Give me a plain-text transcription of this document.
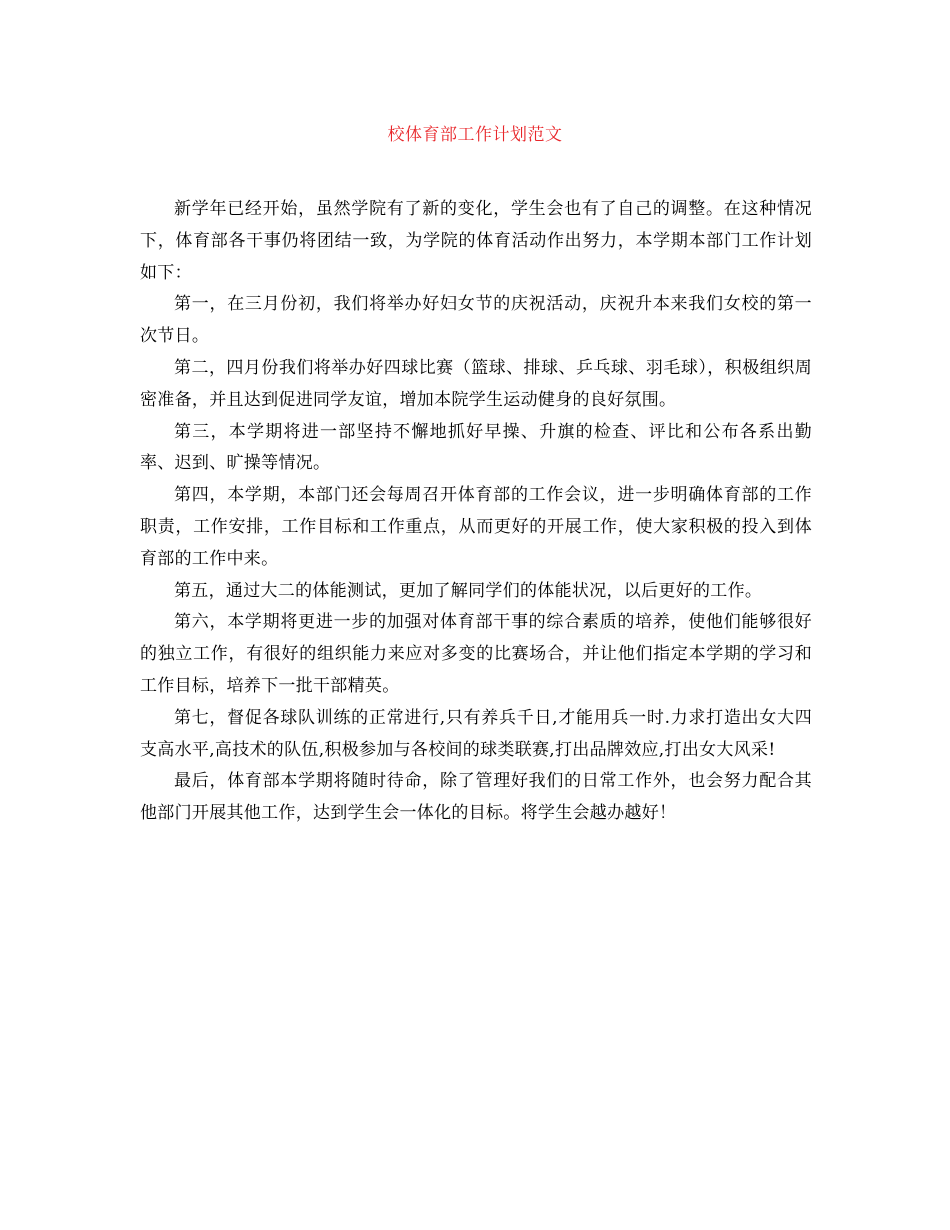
校体育部工作计划范文

新学年已经开始，虽然学院有了新的变化，学生会也有了自己的调整。在这种情况下，体育部各干事仍将团结一致，为学院的体育活动作出努力，本学期本部门工作计划如下：

第一，在三月份初，我们将举办好妇女节的庆祝活动，庆祝升本来我们女校的第一次节日。

第二，四月份我们将举办好四球比赛（篮球、排球、乒乓球、羽毛球），积极组织周密准备，并且达到促进同学友谊，增加本院学生运动健身的良好氛围。

第三，本学期将进一部坚持不懈地抓好早操、升旗的检查、评比和公布各系出勤率、迟到、旷操等情况。

第四，本学期，本部门还会每周召开体育部的工作会议，进一步明确体育部的工作职责，工作安排，工作目标和工作重点，从而更好的开展工作，使大家积极的投入到体育部的工作中来。

第五，通过大二的体能测试，更加了解同学们的体能状况，以后更好的工作。

第六，本学期将更进一步的加强对体育部干事的综合素质的培养，使他们能够很好的独立工作，有很好的组织能力来应对多变的比赛场合，并让他们指定本学期的学习和工作目标，培养下一批干部精英。

第七，督促各球队训练的正常进行,只有养兵千日,才能用兵一时.力求打造出女大四支高水平,高技术的队伍,积极参加与各校间的球类联赛,打出品牌效应,打出女大风采!

最后，体育部本学期将随时待命，除了管理好我们的日常工作外，也会努力配合其他部门开展其他工作，达到学生会一体化的目标。将学生会越办越好！
